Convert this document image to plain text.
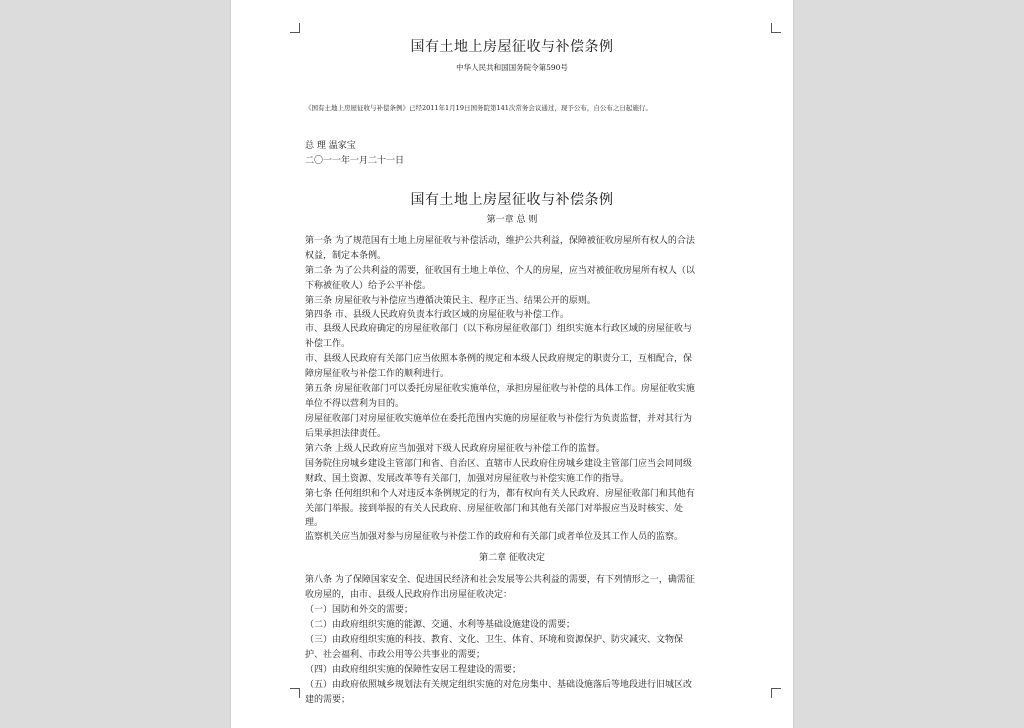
国有土地上房屋征收与补偿条例
中华人民共和国国务院令第590号
《国有土地上房屋征收与补偿条例》已经2011年1月19日国务院第141次常务会议通过，现予公布，自公布之日起施行。
总 理 温家宝
二〇一一年一月二十一日
国有土地上房屋征收与补偿条例
第一章 总 则
第一条 为了规范国有土地上房屋征收与补偿活动，维护公共利益，保障被征收房屋所有权人的合法
权益，制定本条例。
第二条 为了公共利益的需要，征收国有土地上单位、个人的房屋，应当对被征收房屋所有权人（以
下称被征收人）给予公平补偿。
第三条 房屋征收与补偿应当遵循决策民主、程序正当、结果公开的原则。
第四条 市、县级人民政府负责本行政区域的房屋征收与补偿工作。
市、县级人民政府确定的房屋征收部门（以下称房屋征收部门）组织实施本行政区域的房屋征收与
补偿工作。
市、县级人民政府有关部门应当依照本条例的规定和本级人民政府规定的职责分工，互相配合，保
障房屋征收与补偿工作的顺利进行。
第五条 房屋征收部门可以委托房屋征收实施单位，承担房屋征收与补偿的具体工作。房屋征收实施
单位不得以营利为目的。
房屋征收部门对房屋征收实施单位在委托范围内实施的房屋征收与补偿行为负责监督，并对其行为
后果承担法律责任。
第六条 上级人民政府应当加强对下级人民政府房屋征收与补偿工作的监督。
国务院住房城乡建设主管部门和省、自治区、直辖市人民政府住房城乡建设主管部门应当会同同级
财政、国土资源、发展改革等有关部门，加强对房屋征收与补偿实施工作的指导。
第七条 任何组织和个人对违反本条例规定的行为，都有权向有关人民政府、房屋征收部门和其他有
关部门举报。接到举报的有关人民政府、房屋征收部门和其他有关部门对举报应当及时核实、处
理。
监察机关应当加强对参与房屋征收与补偿工作的政府和有关部门或者单位及其工作人员的监察。
第二章 征收决定
第八条 为了保障国家安全、促进国民经济和社会发展等公共利益的需要，有下列情形之一，确需征
收房屋的，由市、县级人民政府作出房屋征收决定：
（一）国防和外交的需要；
（二）由政府组织实施的能源、交通、水利等基础设施建设的需要；
（三）由政府组织实施的科技、教育、文化、卫生、体育、环境和资源保护、防灾减灾、文物保
护、社会福利、市政公用等公共事业的需要；
（四）由政府组织实施的保障性安居工程建设的需要；
（五）由政府依照城乡规划法有关规定组织实施的对危房集中、基础设施落后等地段进行旧城区改
建的需要；
